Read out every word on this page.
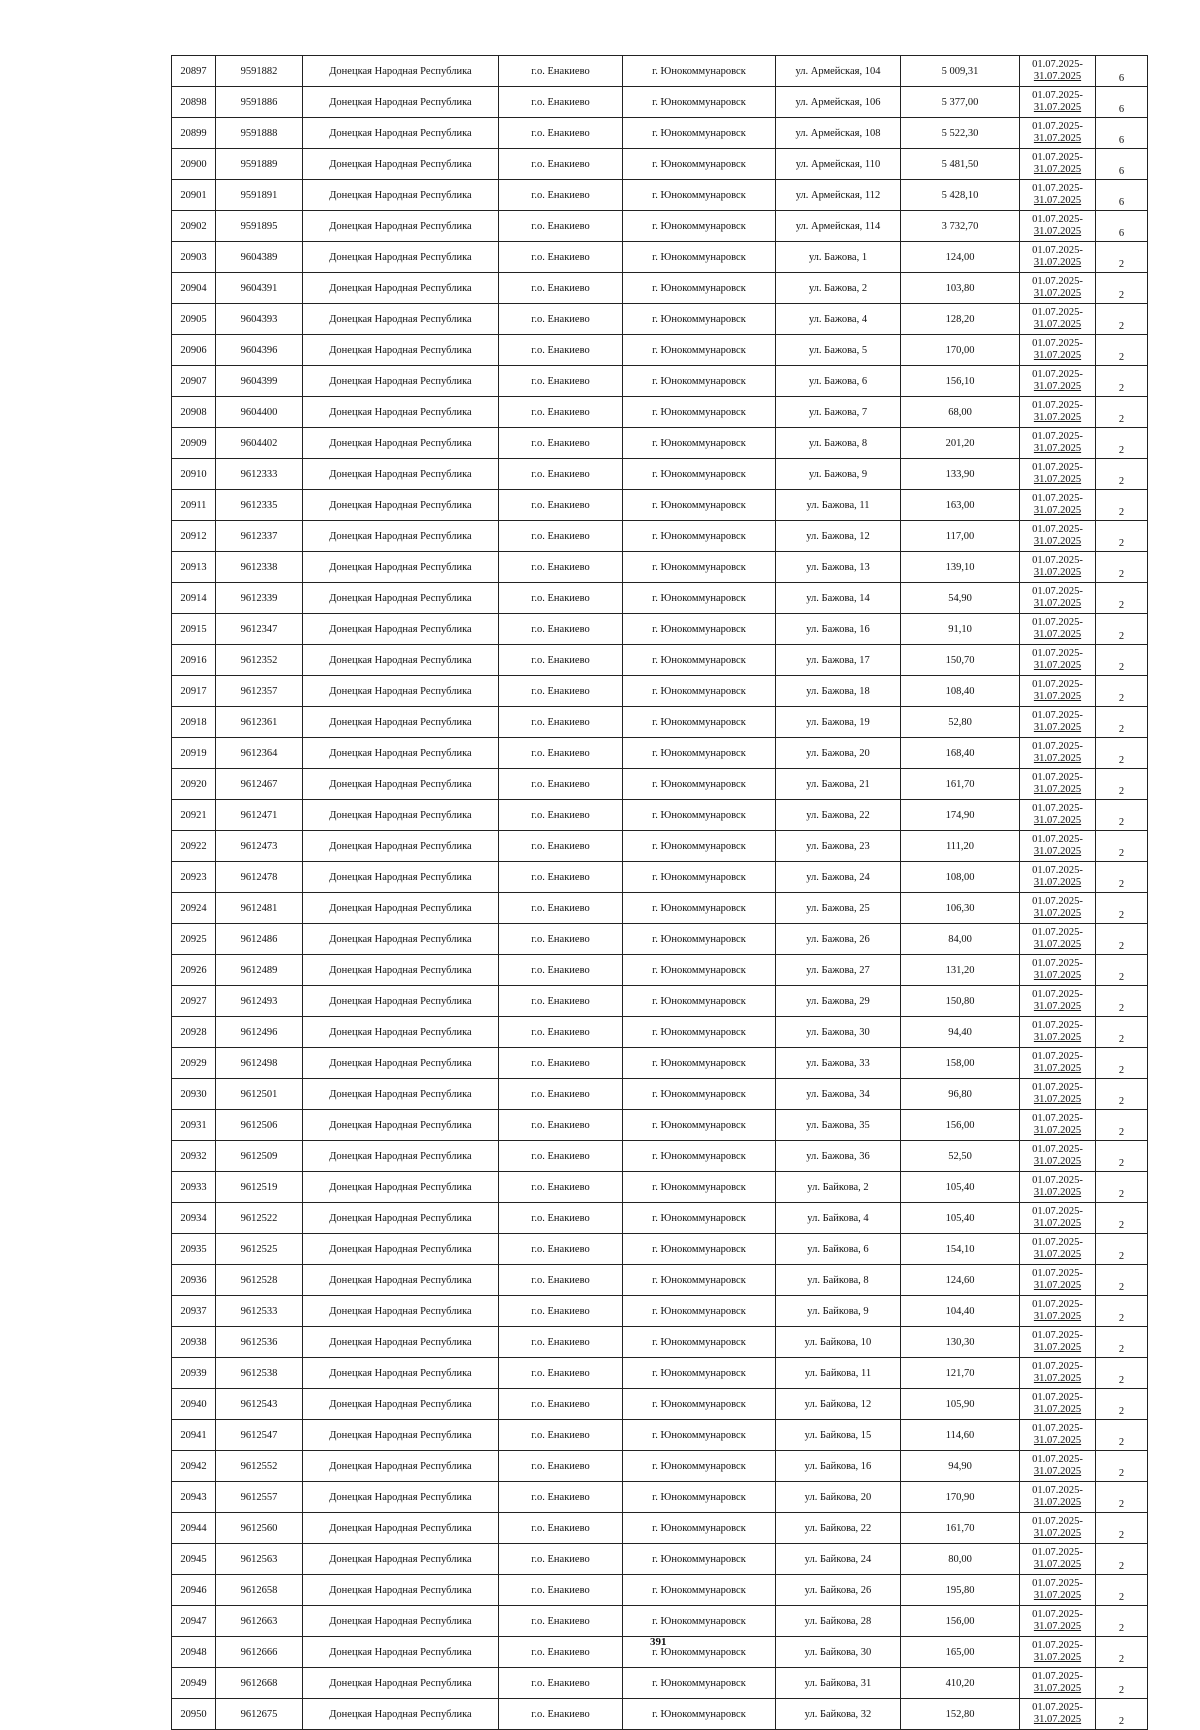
20897	9591882	Донецкая Народная Республика	г.о. Енакиево	г. Юнокоммунаровск	ул. Армейская, 104	5 009,31	01.07.2025-
31.07.2025	6
20898	9591886	Донецкая Народная Республика	г.о. Енакиево	г. Юнокоммунаровск	ул. Армейская, 106	5 377,00	01.07.2025-
31.07.2025	6
20899	9591888	Донецкая Народная Республика	г.о. Енакиево	г. Юнокоммунаровск	ул. Армейская, 108	5 522,30	01.07.2025-
31.07.2025	6
20900	9591889	Донецкая Народная Республика	г.о. Енакиево	г. Юнокоммунаровск	ул. Армейская, 110	5 481,50	01.07.2025-
31.07.2025	6
20901	9591891	Донецкая Народная Республика	г.о. Енакиево	г. Юнокоммунаровск	ул. Армейская, 112	5 428,10	01.07.2025-
31.07.2025	6
20902	9591895	Донецкая Народная Республика	г.о. Енакиево	г. Юнокоммунаровск	ул. Армейская, 114	3 732,70	01.07.2025-
31.07.2025	6
20903	9604389	Донецкая Народная Республика	г.о. Енакиево	г. Юнокоммунаровск	ул. Бажова, 1	124,00	01.07.2025-
31.07.2025	2
20904	9604391	Донецкая Народная Республика	г.о. Енакиево	г. Юнокоммунаровск	ул. Бажова, 2	103,80	01.07.2025-
31.07.2025	2
20905	9604393	Донецкая Народная Республика	г.о. Енакиево	г. Юнокоммунаровск	ул. Бажова, 4	128,20	01.07.2025-
31.07.2025	2
20906	9604396	Донецкая Народная Республика	г.о. Енакиево	г. Юнокоммунаровск	ул. Бажова, 5	170,00	01.07.2025-
31.07.2025	2
20907	9604399	Донецкая Народная Республика	г.о. Енакиево	г. Юнокоммунаровск	ул. Бажова, 6	156,10	01.07.2025-
31.07.2025	2
20908	9604400	Донецкая Народная Республика	г.о. Енакиево	г. Юнокоммунаровск	ул. Бажова, 7	68,00	01.07.2025-
31.07.2025	2
20909	9604402	Донецкая Народная Республика	г.о. Енакиево	г. Юнокоммунаровск	ул. Бажова, 8	201,20	01.07.2025-
31.07.2025	2
20910	9612333	Донецкая Народная Республика	г.о. Енакиево	г. Юнокоммунаровск	ул. Бажова, 9	133,90	01.07.2025-
31.07.2025	2
20911	9612335	Донецкая Народная Республика	г.о. Енакиево	г. Юнокоммунаровск	ул. Бажова, 11	163,00	01.07.2025-
31.07.2025	2
20912	9612337	Донецкая Народная Республика	г.о. Енакиево	г. Юнокоммунаровск	ул. Бажова, 12	117,00	01.07.2025-
31.07.2025	2
20913	9612338	Донецкая Народная Республика	г.о. Енакиево	г. Юнокоммунаровск	ул. Бажова, 13	139,10	01.07.2025-
31.07.2025	2
20914	9612339	Донецкая Народная Республика	г.о. Енакиево	г. Юнокоммунаровск	ул. Бажова, 14	54,90	01.07.2025-
31.07.2025	2
20915	9612347	Донецкая Народная Республика	г.о. Енакиево	г. Юнокоммунаровск	ул. Бажова, 16	91,10	01.07.2025-
31.07.2025	2
20916	9612352	Донецкая Народная Республика	г.о. Енакиево	г. Юнокоммунаровск	ул. Бажова, 17	150,70	01.07.2025-
31.07.2025	2
20917	9612357	Донецкая Народная Республика	г.о. Енакиево	г. Юнокоммунаровск	ул. Бажова, 18	108,40	01.07.2025-
31.07.2025	2
20918	9612361	Донецкая Народная Республика	г.о. Енакиево	г. Юнокоммунаровск	ул. Бажова, 19	52,80	01.07.2025-
31.07.2025	2
20919	9612364	Донецкая Народная Республика	г.о. Енакиево	г. Юнокоммунаровск	ул. Бажова, 20	168,40	01.07.2025-
31.07.2025	2
20920	9612467	Донецкая Народная Республика	г.о. Енакиево	г. Юнокоммунаровск	ул. Бажова, 21	161,70	01.07.2025-
31.07.2025	2
20921	9612471	Донецкая Народная Республика	г.о. Енакиево	г. Юнокоммунаровск	ул. Бажова, 22	174,90	01.07.2025-
31.07.2025	2
20922	9612473	Донецкая Народная Республика	г.о. Енакиево	г. Юнокоммунаровск	ул. Бажова, 23	111,20	01.07.2025-
31.07.2025	2
20923	9612478	Донецкая Народная Республика	г.о. Енакиево	г. Юнокоммунаровск	ул. Бажова, 24	108,00	01.07.2025-
31.07.2025	2
20924	9612481	Донецкая Народная Республика	г.о. Енакиево	г. Юнокоммунаровск	ул. Бажова, 25	106,30	01.07.2025-
31.07.2025	2
20925	9612486	Донецкая Народная Республика	г.о. Енакиево	г. Юнокоммунаровск	ул. Бажова, 26	84,00	01.07.2025-
31.07.2025	2
20926	9612489	Донецкая Народная Республика	г.о. Енакиево	г. Юнокоммунаровск	ул. Бажова, 27	131,20	01.07.2025-
31.07.2025	2
20927	9612493	Донецкая Народная Республика	г.о. Енакиево	г. Юнокоммунаровск	ул. Бажова, 29	150,80	01.07.2025-
31.07.2025	2
20928	9612496	Донецкая Народная Республика	г.о. Енакиево	г. Юнокоммунаровск	ул. Бажова, 30	94,40	01.07.2025-
31.07.2025	2
20929	9612498	Донецкая Народная Республика	г.о. Енакиево	г. Юнокоммунаровск	ул. Бажова, 33	158,00	01.07.2025-
31.07.2025	2
20930	9612501	Донецкая Народная Республика	г.о. Енакиево	г. Юнокоммунаровск	ул. Бажова, 34	96,80	01.07.2025-
31.07.2025	2
20931	9612506	Донецкая Народная Республика	г.о. Енакиево	г. Юнокоммунаровск	ул. Бажова, 35	156,00	01.07.2025-
31.07.2025	2
20932	9612509	Донецкая Народная Республика	г.о. Енакиево	г. Юнокоммунаровск	ул. Бажова, 36	52,50	01.07.2025-
31.07.2025	2
20933	9612519	Донецкая Народная Республика	г.о. Енакиево	г. Юнокоммунаровск	ул. Байкова, 2	105,40	01.07.2025-
31.07.2025	2
20934	9612522	Донецкая Народная Республика	г.о. Енакиево	г. Юнокоммунаровск	ул. Байкова, 4	105,40	01.07.2025-
31.07.2025	2
20935	9612525	Донецкая Народная Республика	г.о. Енакиево	г. Юнокоммунаровск	ул. Байкова, 6	154,10	01.07.2025-
31.07.2025	2
20936	9612528	Донецкая Народная Республика	г.о. Енакиево	г. Юнокоммунаровск	ул. Байкова, 8	124,60	01.07.2025-
31.07.2025	2
20937	9612533	Донецкая Народная Республика	г.о. Енакиево	г. Юнокоммунаровск	ул. Байкова, 9	104,40	01.07.2025-
31.07.2025	2
20938	9612536	Донецкая Народная Республика	г.о. Енакиево	г. Юнокоммунаровск	ул. Байкова, 10	130,30	01.07.2025-
31.07.2025	2
20939	9612538	Донецкая Народная Республика	г.о. Енакиево	г. Юнокоммунаровск	ул. Байкова, 11	121,70	01.07.2025-
31.07.2025	2
20940	9612543	Донецкая Народная Республика	г.о. Енакиево	г. Юнокоммунаровск	ул. Байкова, 12	105,90	01.07.2025-
31.07.2025	2
20941	9612547	Донецкая Народная Республика	г.о. Енакиево	г. Юнокоммунаровск	ул. Байкова, 15	114,60	01.07.2025-
31.07.2025	2
20942	9612552	Донецкая Народная Республика	г.о. Енакиево	г. Юнокоммунаровск	ул. Байкова, 16	94,90	01.07.2025-
31.07.2025	2
20943	9612557	Донецкая Народная Республика	г.о. Енакиево	г. Юнокоммунаровск	ул. Байкова, 20	170,90	01.07.2025-
31.07.2025	2
20944	9612560	Донецкая Народная Республика	г.о. Енакиево	г. Юнокоммунаровск	ул. Байкова, 22	161,70	01.07.2025-
31.07.2025	2
20945	9612563	Донецкая Народная Республика	г.о. Енакиево	г. Юнокоммунаровск	ул. Байкова, 24	80,00	01.07.2025-
31.07.2025	2
20946	9612658	Донецкая Народная Республика	г.о. Енакиево	г. Юнокоммунаровск	ул. Байкова, 26	195,80	01.07.2025-
31.07.2025	2
20947	9612663	Донецкая Народная Республика	г.о. Енакиево	г. Юнокоммунаровск	ул. Байкова, 28	156,00	01.07.2025-
31.07.2025	2
20948	9612666	Донецкая Народная Республика	г.о. Енакиево	г. Юнокоммунаровск	ул. Байкова, 30	165,00	01.07.2025-
31.07.2025	2
20949	9612668	Донецкая Народная Республика	г.о. Енакиево	г. Юнокоммунаровск	ул. Байкова, 31	410,20	01.07.2025-
31.07.2025	2
20950	9612675	Донецкая Народная Республика	г.о. Енакиево	г. Юнокоммунаровск	ул. Байкова, 32	152,80	01.07.2025-
31.07.2025	2
391
